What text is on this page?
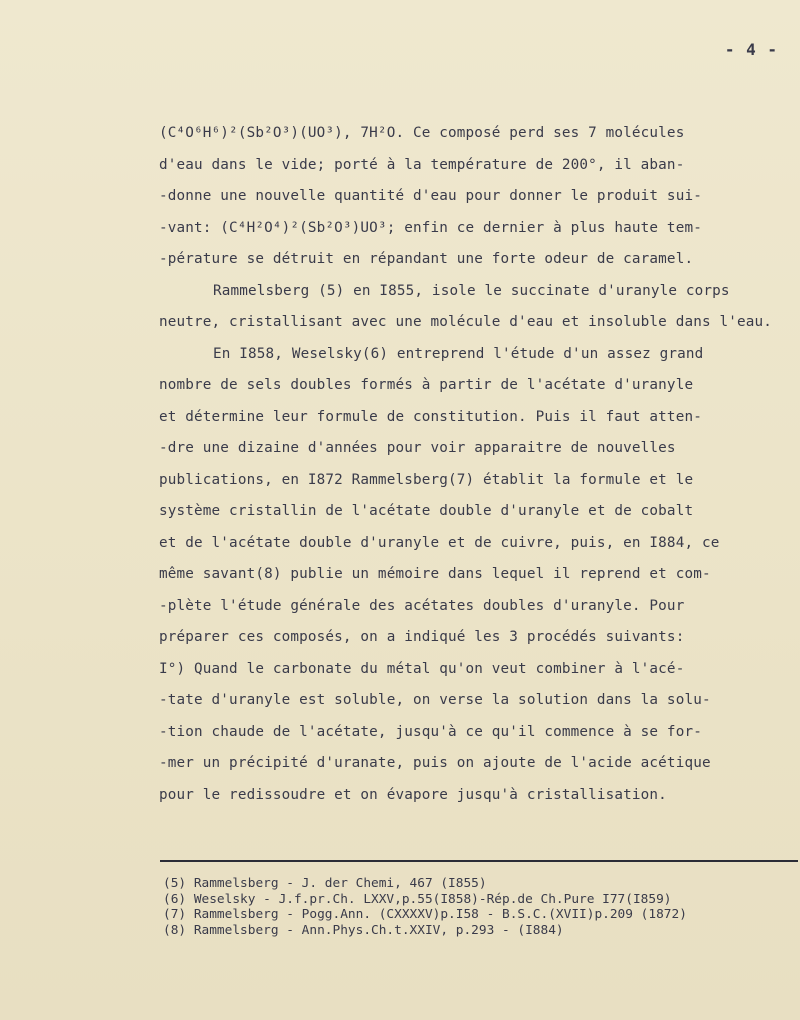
- 4 -
(C⁴O⁶H⁶)²(Sb²O³)(UO³), 7H²O. Ce composé perd ses 7 molécules
d'eau dans le vide; porté à la température de 200°, il aban-
-donne une nouvelle quantité d'eau pour donner le produit sui-
-vant: (C⁴H²O⁴)²(Sb²O³)UO³; enfin ce dernier à plus haute tem-
-pérature se détruit en répandant une forte odeur de caramel.
Rammelsberg (5) en I855, isole le succinate d'uranyle corps
neutre, cristallisant avec une molécule d'eau et insoluble dans l'eau.
En I858, Weselsky(6) entreprend l'étude d'un assez grand
nombre de sels doubles formés à partir de l'acétate d'uranyle
et détermine leur formule de constitution. Puis il faut atten-
-dre une dizaine d'années pour voir apparaitre de nouvelles
publications, en I872 Rammelsberg(7) établit la formule et le
système cristallin de l'acétate double d'uranyle et de cobalt
et de l'acétate double d'uranyle et de cuivre, puis, en I884, ce
même savant(8) publie un mémoire dans lequel il reprend et com-
-plète l'étude générale des acétates doubles d'uranyle. Pour
préparer ces composés, on a indiqué les 3 procédés suivants:
I°) Quand le carbonate du métal qu'on veut combiner à l'acé-
-tate d'uranyle est soluble, on verse la solution dans la solu-
-tion chaude de l'acétate, jusqu'à ce qu'il commence à se for-
-mer un précipité d'uranate, puis on ajoute de l'acide acétique
pour le redissoudre et on évapore jusqu'à cristallisation.
(5) Rammelsberg - J. der Chemi, 467 (I855)
(6) Weselsky - J.f.pr.Ch. LXXV,p.55(I858)-Rép.de Ch.Pure I77(I859)
(7) Rammelsberg - Pogg.Ann. (CXXXXV)p.I58 - B.S.C.(XVII)p.209 (1872)
(8) Rammelsberg - Ann.Phys.Ch.t.XXIV, p.293 - (I884)
